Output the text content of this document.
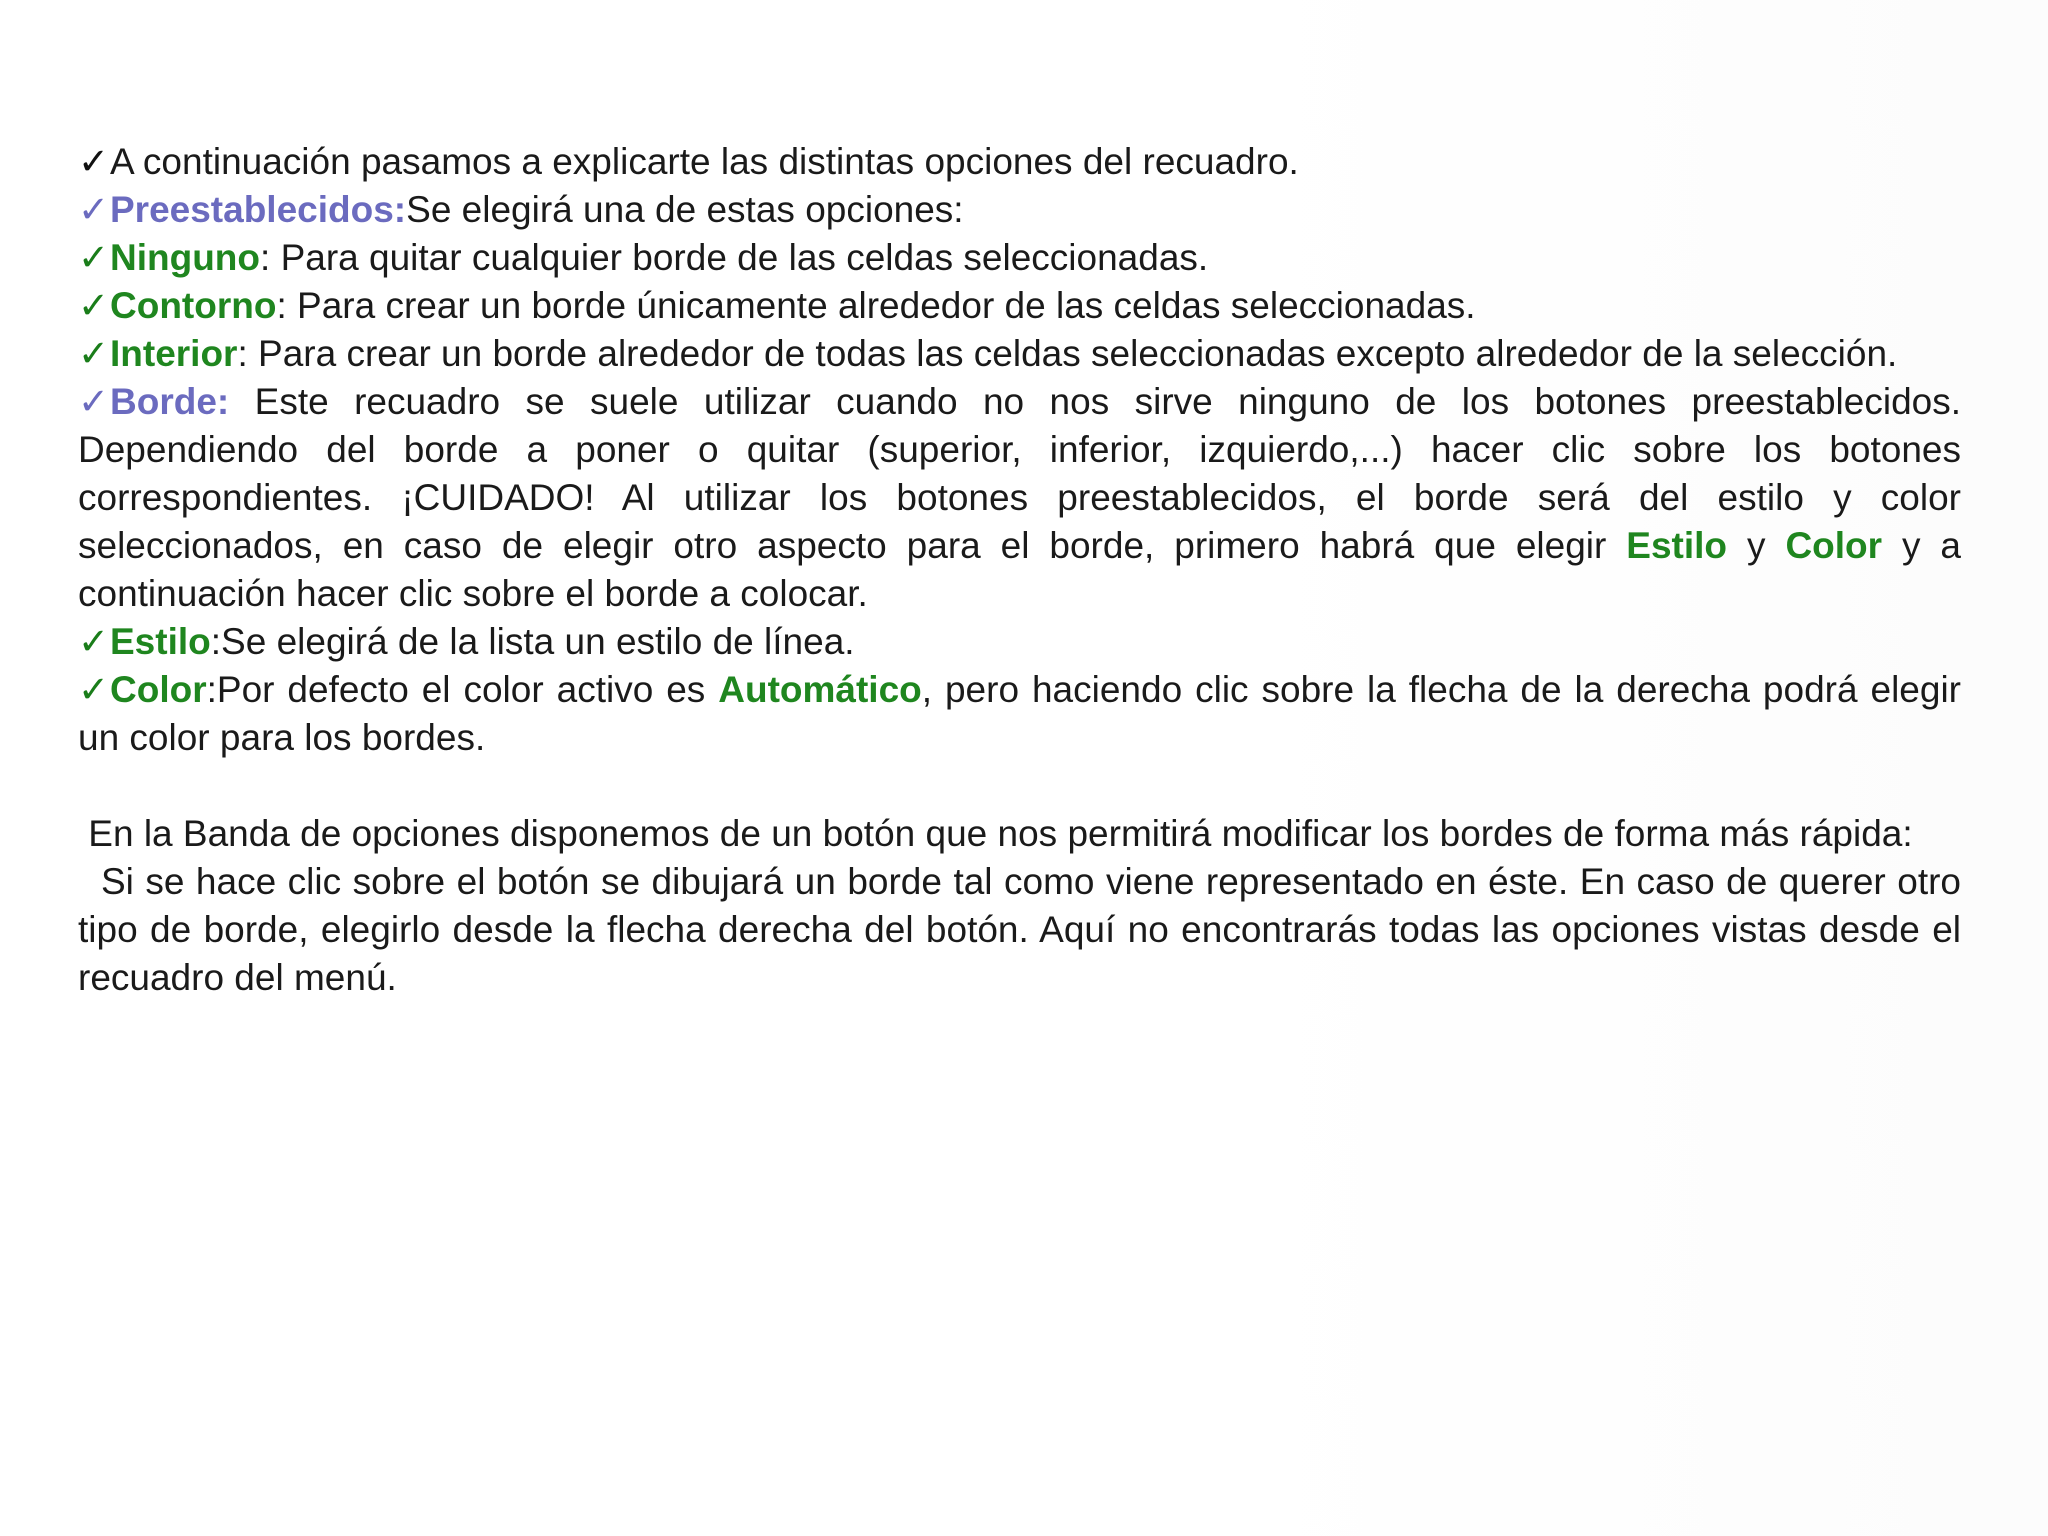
✓A continuación pasamos a explicarte las distintas opciones del recuadro.

✓Preestablecidos:Se elegirá una de estas opciones:

✓Ninguno: Para quitar cualquier borde de las celdas seleccionadas.

✓Contorno: Para crear un borde únicamente alrededor de las celdas seleccionadas.

✓Interior: Para crear un borde alrededor de todas las celdas seleccionadas excepto alrededor de la selección.

✓Borde: Este recuadro se suele utilizar cuando no nos sirve ninguno de los botones preestablecidos. Dependiendo del borde a poner o quitar (superior, inferior, izquierdo,...) hacer clic sobre los botones correspondientes. ¡CUIDADO! Al utilizar los botones preestablecidos, el borde será del estilo y color seleccionados, en caso de elegir otro aspecto para el borde, primero habrá que elegir Estilo y Color y a continuación hacer clic sobre el borde a colocar.

✓Estilo:Se elegirá de la lista un estilo de línea.

✓Color:Por defecto el color activo es Automático, pero haciendo clic sobre la flecha de la derecha podrá elegir un color para los bordes.

En la Banda de opciones disponemos de un botón que nos permitirá modificar los bordes de forma más rápida:

Si se hace clic sobre el botón se dibujará un borde tal como viene representado en éste. En caso de querer otro tipo de borde, elegirlo desde la flecha derecha del botón. Aquí no encontrarás todas las opciones vistas desde el recuadro del menú.
